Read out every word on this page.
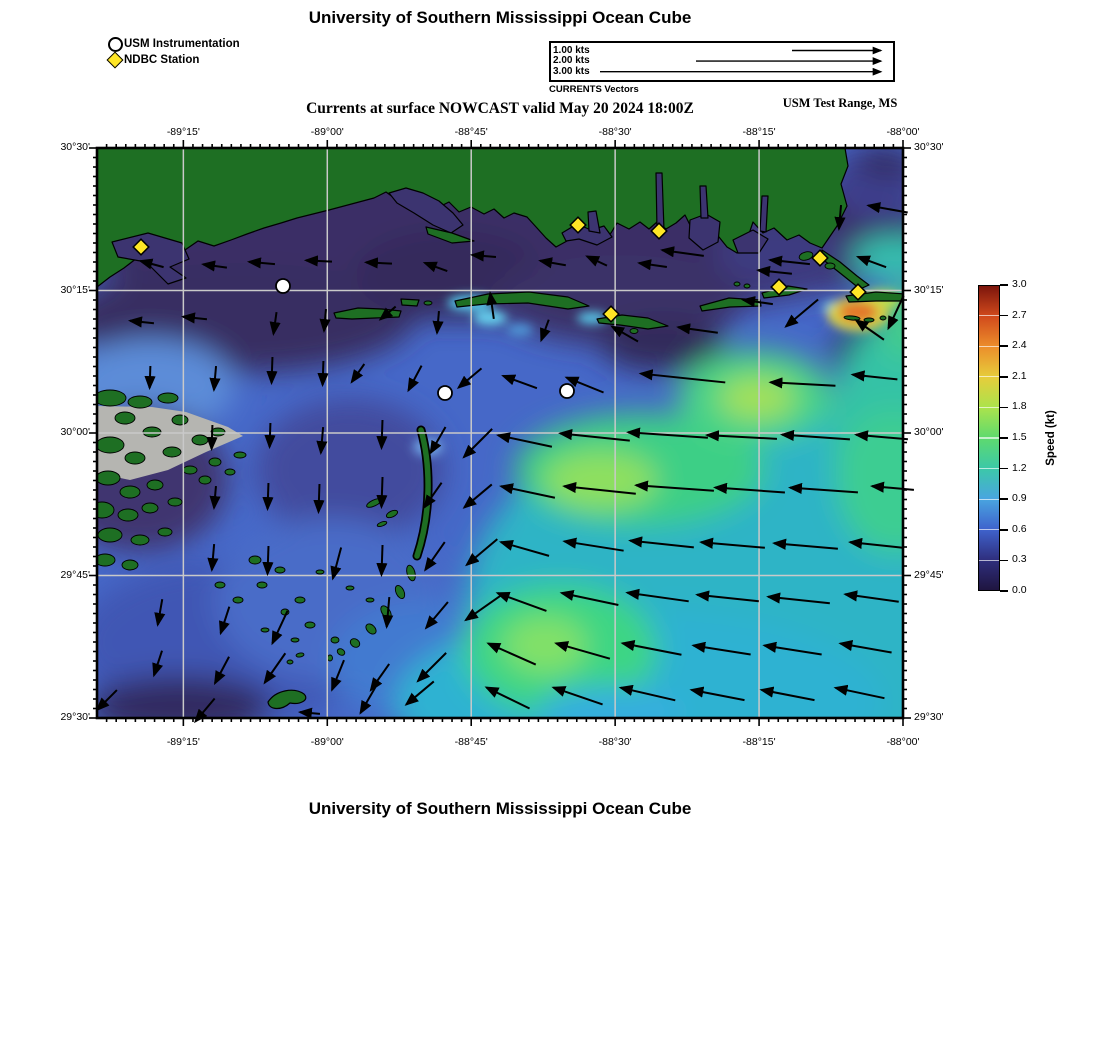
University of Southern Mississippi Ocean Cube
USM Instrumentation
NDBC Station
1.00 kts
2.00 kts
3.00 kts
CURRENTS Vectors
Currents at surface NOWCAST valid May 20 2024 18:00Z	USM Test Range, MS
0.0
0.3
0.6
0.9
1.2
1.5
1.8
2.1
2.4
2.7
3.0
Speed (kt)
-89°15'
-89°15'
-89°00'
-89°00'
-88°45'
-88°45'
-88°30'
-88°30'
-88°15'
-88°15'
-88°00'
-88°00'
30°30'	30°30'
30°15'	30°15'
30°00'	30°00'
29°45'	29°45'
29°30'	29°30'
University of Southern Mississippi Ocean Cube
